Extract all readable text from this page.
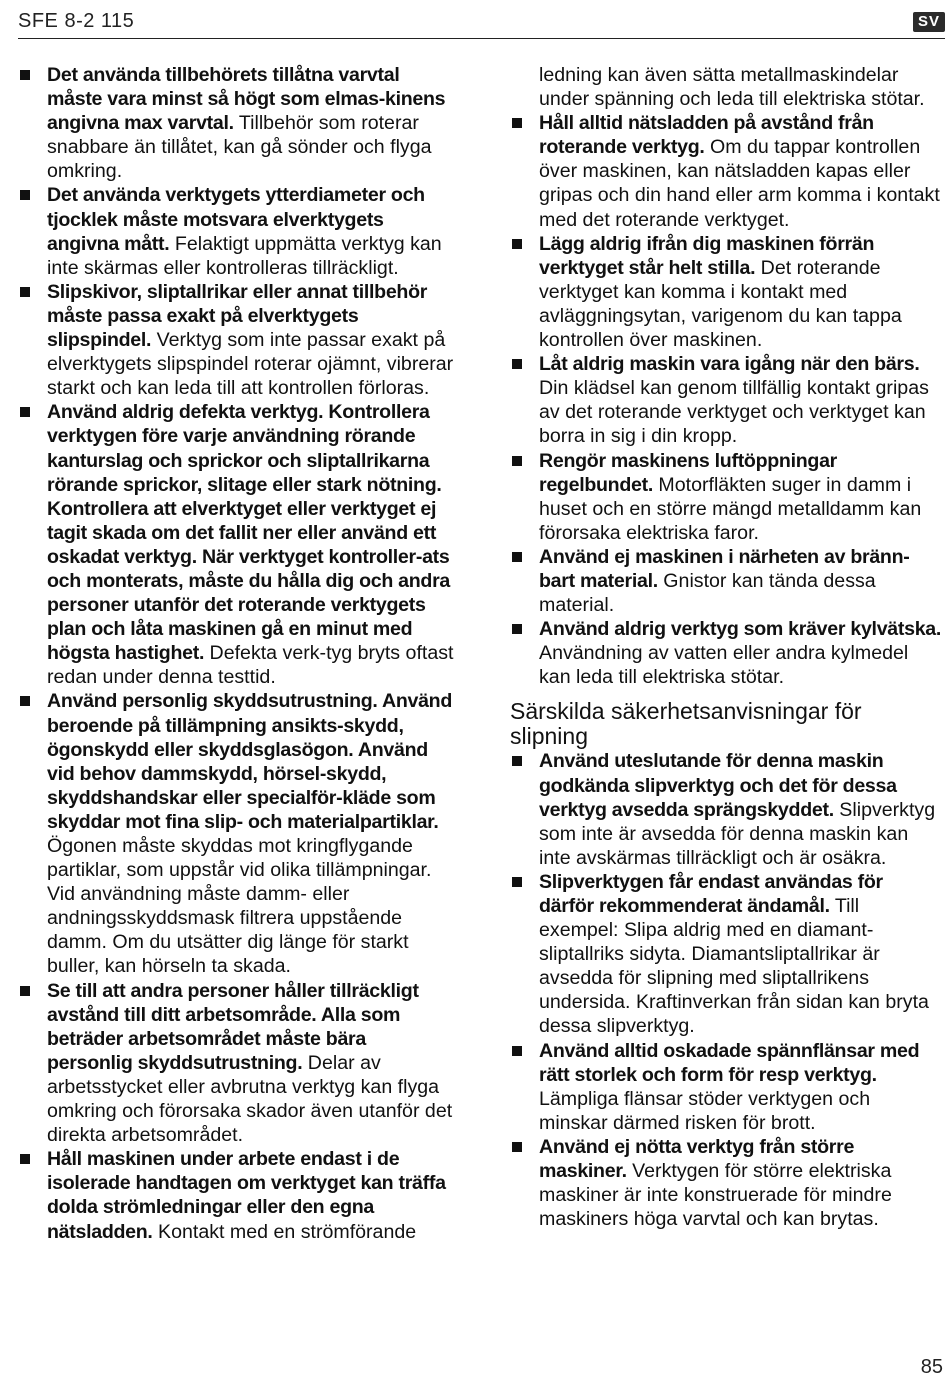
SFE 8-2 115	SV
Det använda tillbehörets tillåtna varvtal måste vara minst så högt som elmas-kinens angivna max varvtal. Tillbehör som roterar snabbare än tillåtet, kan gå sönder och flyga omkring.
Det använda verktygets ytterdiameter och tjocklek måste motsvara elverktygets angivna mått. Felaktigt uppmätta verktyg kan inte skärmas eller kontrolleras tillräckligt.
Slipskivor, sliptallrikar eller annat tillbehör måste passa exakt på elverktygets slipspindel. Verktyg som inte passar exakt på elverktygets slipspindel roterar ojämnt, vibrerar starkt och kan leda till att kontrollen förloras.
Använd aldrig defekta verktyg. Kontrollera verktygen före varje användning rörande kanturslag och sprickor och sliptallrikarna rörande sprickor, slitage eller stark nötning. Kontrollera att elverktyget eller verktyget ej tagit skada om det fallit ner eller använd ett oskadat verktyg. När verktyget kontroller-ats och monterats, måste du hålla dig och andra personer utanför det roterande verktygets plan och låta maskinen gå en minut med högsta hastighet. Defekta verk-tyg bryts oftast redan under denna testtid.
Använd personlig skyddsutrustning. Använd beroende på tillämpning ansikts-skydd, ögonskydd eller skyddsglasögon. Använd vid behov dammskydd, hörsel-skydd, skyddshandskar eller specialför-kläde som skyddar mot fina slip- och materialpartiklar. Ögonen måste skyddas mot kringflygande partiklar, som uppstår vid olika tillämpningar. Vid användning måste damm- eller andningsskyddsmask filtrera uppstående damm. Om du utsätter dig länge för starkt buller, kan hörseln ta skada.
Se till att andra personer håller tillräckligt avstånd till ditt arbetsområde. Alla som beträder arbetsområdet måste bära personlig skyddsutrustning. Delar av arbetsstycket eller avbrutna verktyg kan flyga omkring och förorsaka skador även utanför det direkta arbetsområdet.
Håll maskinen under arbete endast i de isolerade handtagen om verktyget kan träffa dolda strömledningar eller den egna nätsladden. Kontakt med en strömförande
ledning kan även sätta metallmaskindelar under spänning och leda till elektriska stötar.
Håll alltid nätsladden på avstånd från roterande verktyg. Om du tappar kontrollen över maskinen, kan nätsladden kapas eller gripas och din hand eller arm komma i kontakt med det roterande verktyget.
Lägg aldrig ifrån dig maskinen förrän verktyget står helt stilla. Det roterande verktyget kan komma i kontakt med avläggningsytan, varigenom du kan tappa kontrollen över maskinen.
Låt aldrig maskin vara igång när den bärs. Din klädsel kan genom tillfällig kontakt gripas av det roterande verktyget och verktyget kan borra in sig i din kropp.
Rengör maskinens luftöppningar regelbundet. Motorfläkten suger in damm i huset och en större mängd metalldamm kan förorsaka elektriska faror.
Använd ej maskinen i närheten av bränn-bart material. Gnistor kan tända dessa material.
Använd aldrig verktyg som kräver kylvätska. Användning av vatten eller andra kylmedel kan leda till elektriska stötar.
Särskilda säkerhetsanvisningar för slipning
Använd uteslutande för denna maskin godkända slipverktyg och det för dessa verktyg avsedda sprängskyddet. Slipverktyg som inte är avsedda för denna maskin kan inte avskärmas tillräckligt och är osäkra.
Slipverktygen får endast användas för därför rekommenderat ändamål. Till exempel: Slipa aldrig med en diamant-sliptallriks sidyta. Diamantsliptallrikar är avsedda för slipning med sliptallrikens undersida. Kraftinverkan från sidan kan bryta dessa slipverktyg.
Använd alltid oskadade spännflänsar med rätt storlek och form för resp verktyg. Lämpliga flänsar stöder verktygen och minskar därmed risken för brott.
Använd ej nötta verktyg från större maskiner. Verktygen för större elektriska maskiner är inte konstruerade för mindre maskiners höga varvtal och kan brytas.
85
